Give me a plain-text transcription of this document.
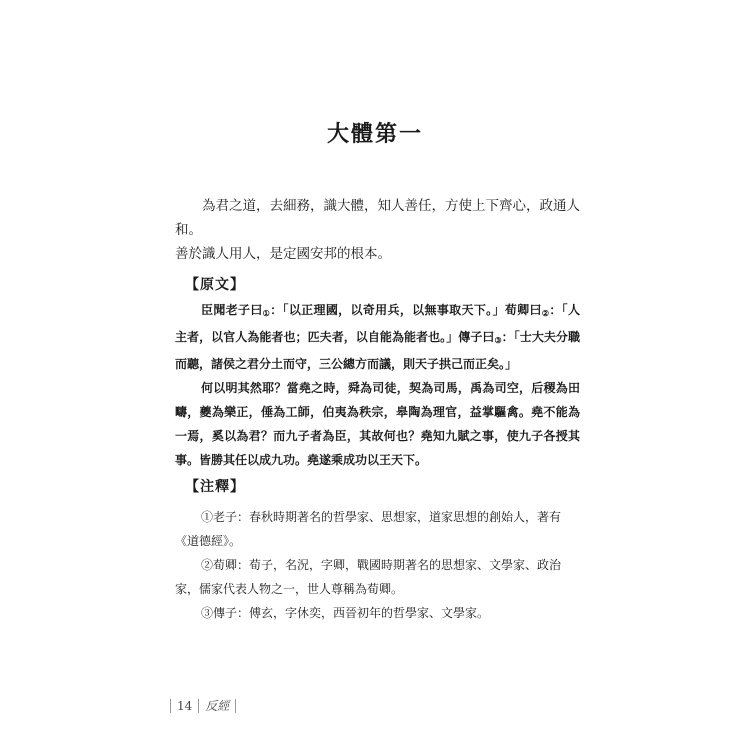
大體第一

為君之道，去細務，識大體，知人善任，方使上下齊心，政通人和。

善於識人用人，是定國安邦的根本。

【原文】

臣聞老子曰①：「以正理國，以奇用兵，以無事取天下。」荀卿曰②：「人主者，以官人為能者也；匹夫者，以自能為能者也。」傳子曰③：「士大夫分職而聽，諸侯之君分土而守，三公總方而議，則天子拱己而正矣。」

何以明其然耶？當堯之時，舜為司徒，契為司馬，禹為司空，后稷為田疇，夔為樂正，倕為工師，伯夷為秩宗，皋陶為理官，益掌驅禽。堯不能為一焉，奚以為君？而九子者為臣，其故何也？堯知九賦之事，使九子各授其事。皆勝其任以成九功。堯遂乘成功以王天下。

【注釋】

①老子：春秋時期著名的哲學家、思想家，道家思想的創始人，著有《道德經》。

②荀卿：荀子，名況，字卿，戰國時期著名的思想家、文學家、政治家，儒家代表人物之一，世人尊稱為荀卿。

③傳子：傅玄，字休奕，西晉初年的哲學家、文學家。

14 反經
